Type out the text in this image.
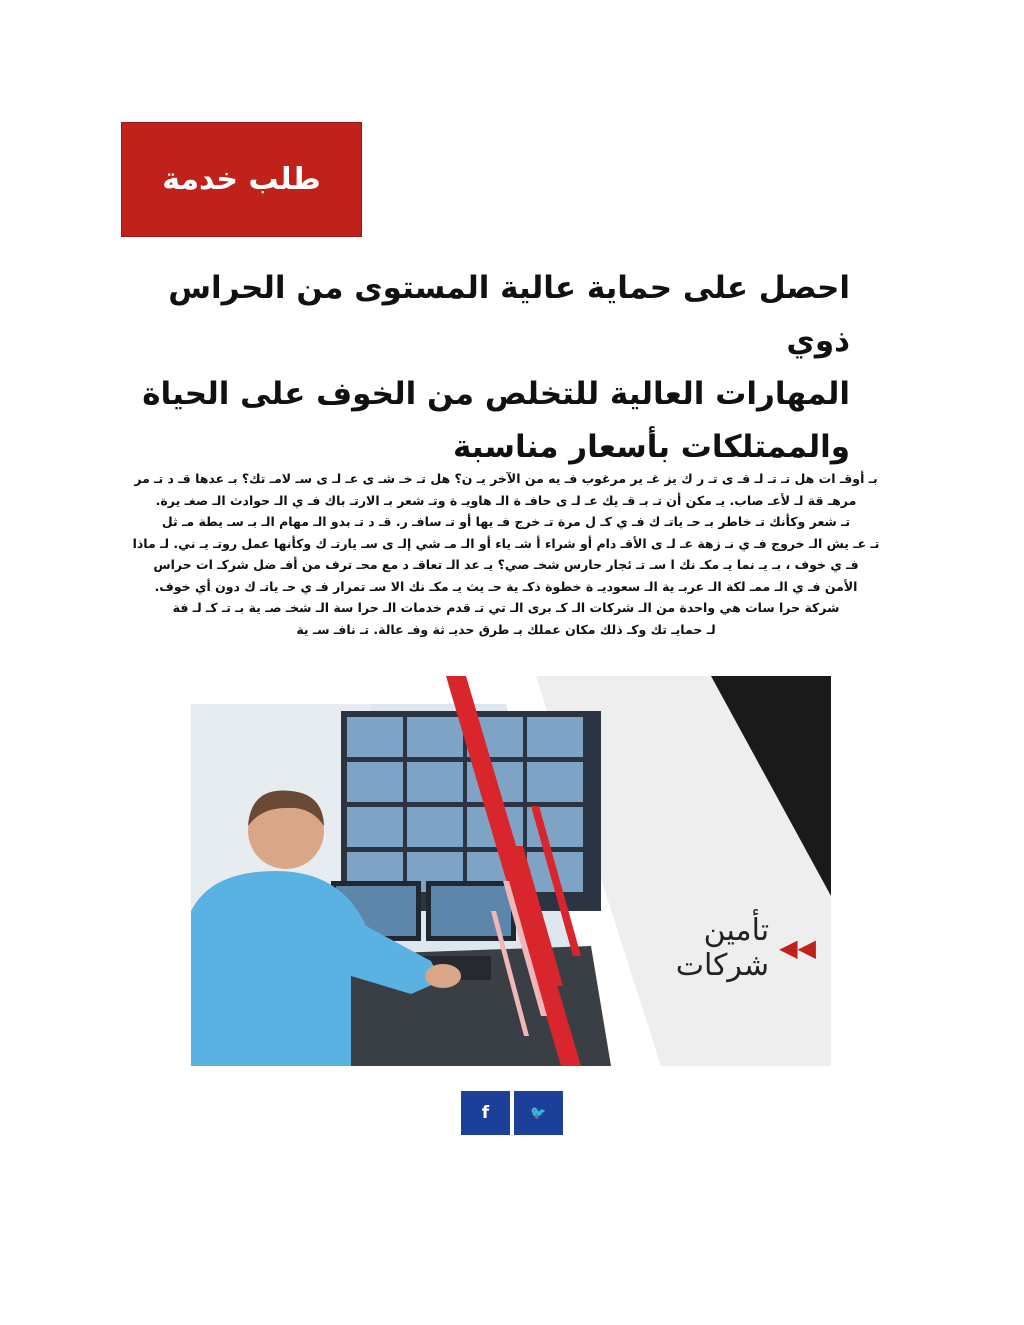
طلب خدمة
احصل على حماية عالية المستوى من الحراس ذوي
المهارات العالية للتخلص من الخوف على الحياة
والممتلكات بأسعار مناسبة
بـ أوقـ ات هل تـ تـ لـ قـ ى تـ ر ك يز غـ ير مرغوب فـ يه من الآخر يـ ن؟ هل تـ خـ شـ ى عـ لـ ى سـ لامـ تك؟ بـ عدها قـ د تـ مر
مرهـ قة لـ لأعـ صاب. يـ مكن أن تـ بـ قـ يك عـ لـ ى حافـ ة الـ هاويـ ة وتـ شعر بـ الارتـ باك فـ ي الـ حوادث الـ صغـ يرة.
تـ شعر وكأنك تـ خاطر بـ حـ ياتـ ك فـ ي كـ ل مرة تـ خرج فـ يها أو تـ سافـ ر. قـ د تـ بدو الـ مهام الـ بـ سـ يطة مـ ثل
تـ عـ يش الـ خروج فـ ي نـ زهة عـ لـ ى الأقـ دام أو شراء أ شـ ياء أو الـ مـ شي إلـ ى سـ يارتـ ك وكأنها عمل روتـ يـ ني. لـ ماذا
فـ ي خوف ، بـ يـ نما يـ مكـ نك ا سـ تـ ئجار حارس شخـ صي؟ يـ عد الـ تعاقـ د مع محـ ترف من أفـ ضل شركـ ات حراس
الأمن فـ ي الـ ممـ لكة الـ عربـ ية الـ سعوديـ ة خطوة ذكـ ية حـ يث يـ مكـ نك الا سـ تمرار فـ ي حـ ياتـ ك دون أي خوف.
شركة حرا سات هي واحدة من الـ شركات الـ كـ برى الـ تي تـ قدم خدمات الـ حرا سة الـ شخـ صـ ية بـ تـ كـ لـ فة
لـ حمايـ تك وكـ ذلك مكان عملك بـ طرق حديـ ثة وفـ عالة. تـ نافـ سـ ية
◀◀
تأمين شركات
f	🐦
